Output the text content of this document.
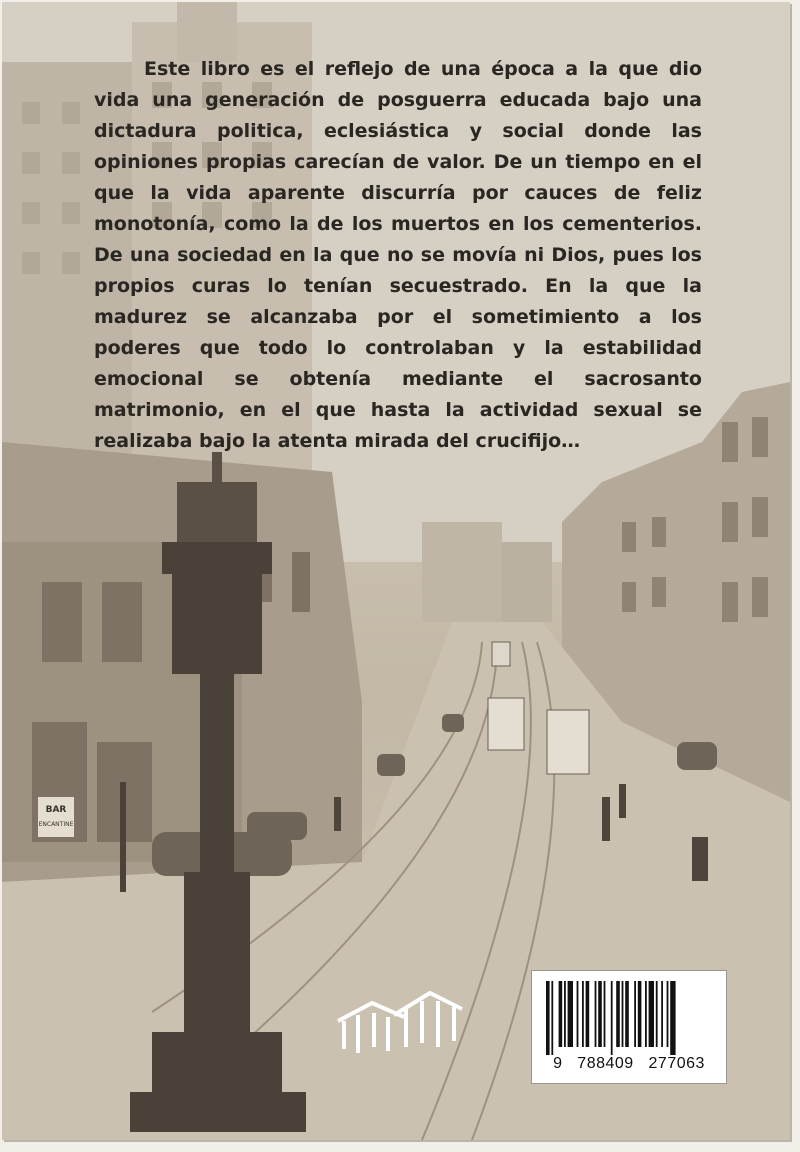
BAR
ENCANTINE

Este libro es el reflejo de una época a la que dio vida una generación de posguerra educada bajo una dictadura politica, eclesiástica y social donde las opiniones propias carecían de valor. De un tiempo en el que la vida aparente discurría por cauces de feliz monotonía, como la de los muertos en los cementerios. De una sociedad en la que no se movía ni Dios, pues los propios curas lo tenían secuestrado. En la que la madurez se alcanzaba por el sometimiento a los poderes que todo lo controlaban y la estabilidad emocional se obtenía mediante el sacrosanto matrimonio, en el que hasta la actividad sexual se realizaba bajo la atenta mirada del crucifijo…

9   788409   277063
